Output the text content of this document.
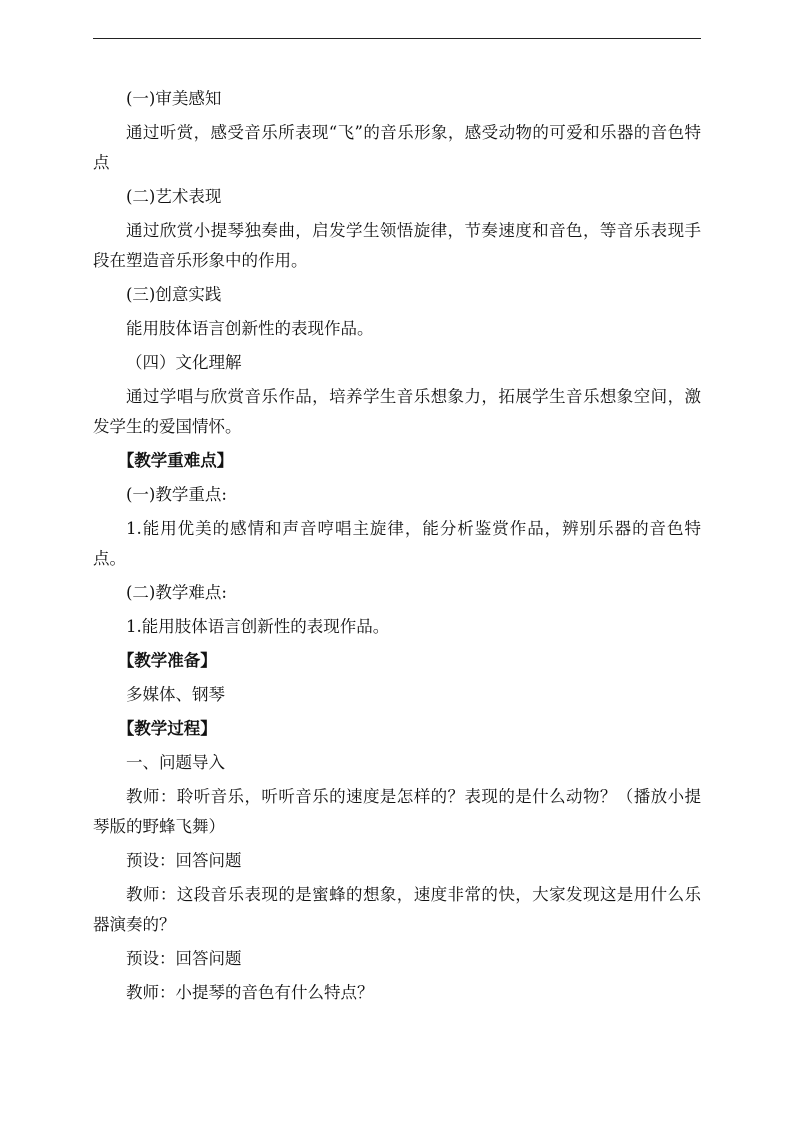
(一)审美感知

通过听赏，感受音乐所表现“飞”的音乐形象，感受动物的可爱和乐器的音色特点

(二)艺术表现

通过欣赏小提琴独奏曲，启发学生领悟旋律，节奏速度和音色，等音乐表现手段在塑造音乐形象中的作用。

(三)创意实践

能用肢体语言创新性的表现作品。

（四）文化理解

通过学唱与欣赏音乐作品，培养学生音乐想象力，拓展学生音乐想象空间，激发学生的爱国情怀。

【教学重难点】

(一)教学重点:

1.能用优美的感情和声音哼唱主旋律，能分析鉴赏作品，辨别乐器的音色特点。

(二)教学难点:

1.能用肢体语言创新性的表现作品。

【教学准备】

多媒体、钢琴

【教学过程】

一、问题导入

教师：聆听音乐，听听音乐的速度是怎样的？表现的是什么动物？（播放小提琴版的野蜂飞舞）

预设：回答问题

教师：这段音乐表现的是蜜蜂的想象，速度非常的快，大家发现这是用什么乐器演奏的？

预设：回答问题

教师：小提琴的音色有什么特点？
